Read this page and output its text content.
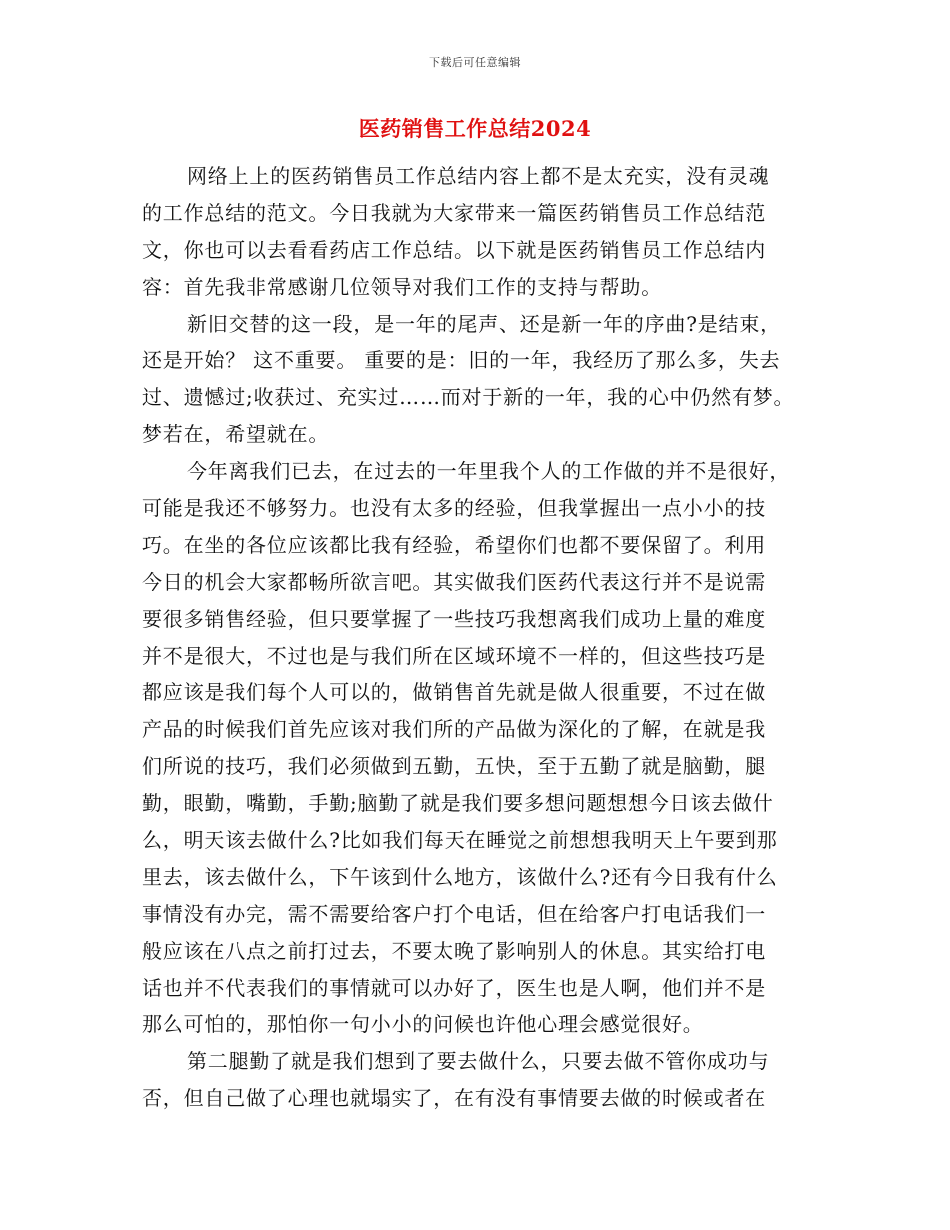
下载后可任意编辑
医药销售工作总结2024
网络上上的医药销售员工作总结内容上都不是太充实，没有灵魂
的工作总结的范文。今日我就为大家带来一篇医药销售员工作总结范
文，你也可以去看看药店工作总结。以下就是医药销售员工作总结内
容：首先我非常感谢几位领导对我们工作的支持与帮助。
新旧交替的这一段，是一年的尾声、还是新一年的序曲?是结束，
还是开始？ 这不重要。 重要的是：旧的一年，我经历了那么多，失去
过、遗憾过;收获过、充实过……而对于新的一年，我的心中仍然有梦。
梦若在，希望就在。
今年离我们已去，在过去的一年里我个人的工作做的并不是很好，
可能是我还不够努力。也没有太多的经验，但我掌握出一点小小的技
巧。在坐的各位应该都比我有经验，希望你们也都不要保留了。利用
今日的机会大家都畅所欲言吧。其实做我们医药代表这行并不是说需
要很多销售经验，但只要掌握了一些技巧我想离我们成功上量的难度
并不是很大，不过也是与我们所在区域环境不一样的，但这些技巧是
都应该是我们每个人可以的，做销售首先就是做人很重要，不过在做
产品的时候我们首先应该对我们所的产品做为深化的了解，在就是我
们所说的技巧，我们必须做到五勤，五快，至于五勤了就是脑勤，腿
勤，眼勤，嘴勤，手勤;脑勤了就是我们要多想问题想想今日该去做什
么，明天该去做什么?比如我们每天在睡觉之前想想我明天上午要到那
里去，该去做什么，下午该到什么地方，该做什么?还有今日我有什么
事情没有办完，需不需要给客户打个电话，但在给客户打电话我们一
般应该在八点之前打过去，不要太晚了影响别人的休息。其实给打电
话也并不代表我们的事情就可以办好了，医生也是人啊，他们并不是
那么可怕的，那怕你一句小小的问候也许他心理会感觉很好。
第二腿勤了就是我们想到了要去做什么，只要去做不管你成功与
否，但自己做了心理也就塌实了，在有没有事情要去做的时候或者在
